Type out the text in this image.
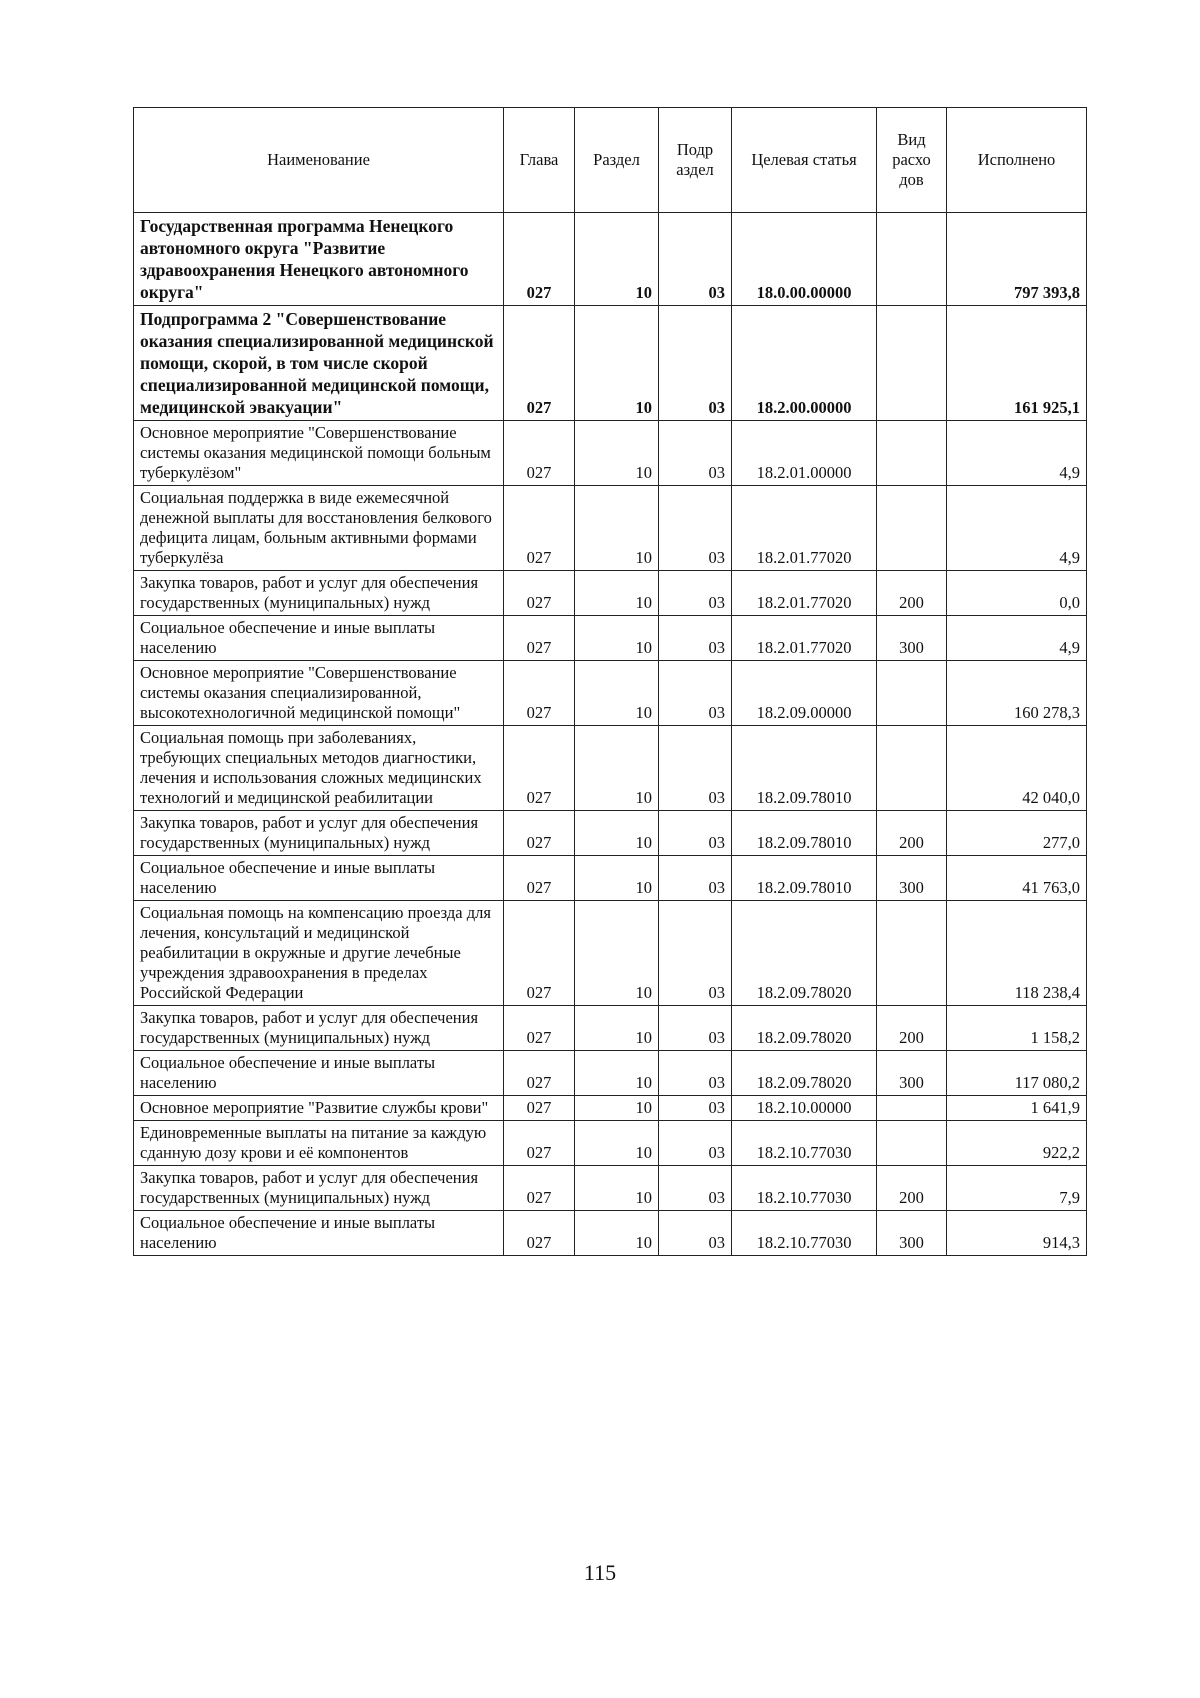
Наименование	Глава	Раздел	Подр аздел	Целевая статья	Вид расхо дов	Исполнено
Государственная программа Ненецкого автономного округа "Развитие здравоохранения Ненецкого автономного округа"	027	10	03	18.0.00.00000		797 393,8
Подпрограмма 2 "Совершенствование оказания специализированной медицинской помощи, скорой, в том числе скорой специализированной медицинской помощи, медицинской эвакуации"	027	10	03	18.2.00.00000		161 925,1
Основное мероприятие "Совершенствование системы оказания медицинской помощи больным туберкулёзом"	027	10	03	18.2.01.00000		4,9
Социальная поддержка в виде ежемесячной денежной выплаты для восстановления белкового дефицита лицам, больным активными формами туберкулёза	027	10	03	18.2.01.77020		4,9
Закупка товаров, работ и услуг для обеспечения государственных (муниципальных) нужд	027	10	03	18.2.01.77020	200	0,0
Социальное обеспечение и иные выплаты населению	027	10	03	18.2.01.77020	300	4,9
Основное мероприятие "Совершенствование системы оказания специализированной, высокотехнологичной медицинской помощи"	027	10	03	18.2.09.00000		160 278,3
Социальная помощь при заболеваниях, требующих специальных методов диагностики, лечения и использования сложных медицинских технологий и медицинской реабилитации	027	10	03	18.2.09.78010		42 040,0
Закупка товаров, работ и услуг для обеспечения государственных (муниципальных) нужд	027	10	03	18.2.09.78010	200	277,0
Социальное обеспечение и иные выплаты населению	027	10	03	18.2.09.78010	300	41 763,0
Социальная помощь на компенсацию проезда для лечения, консультаций и медицинской реабилитации в окружные и другие лечебные учреждения здравоохранения в пределах Российской Федерации	027	10	03	18.2.09.78020		118 238,4
Закупка товаров, работ и услуг для обеспечения государственных (муниципальных) нужд	027	10	03	18.2.09.78020	200	1 158,2
Социальное обеспечение и иные выплаты населению	027	10	03	18.2.09.78020	300	117 080,2
Основное мероприятие "Развитие службы крови"	027	10	03	18.2.10.00000		1 641,9
Единовременные выплаты на питание за каждую сданную дозу крови и её компонентов	027	10	03	18.2.10.77030		922,2
Закупка товаров, работ и услуг для обеспечения государственных (муниципальных) нужд	027	10	03	18.2.10.77030	200	7,9
Социальное обеспечение и иные выплаты населению	027	10	03	18.2.10.77030	300	914,3
115
